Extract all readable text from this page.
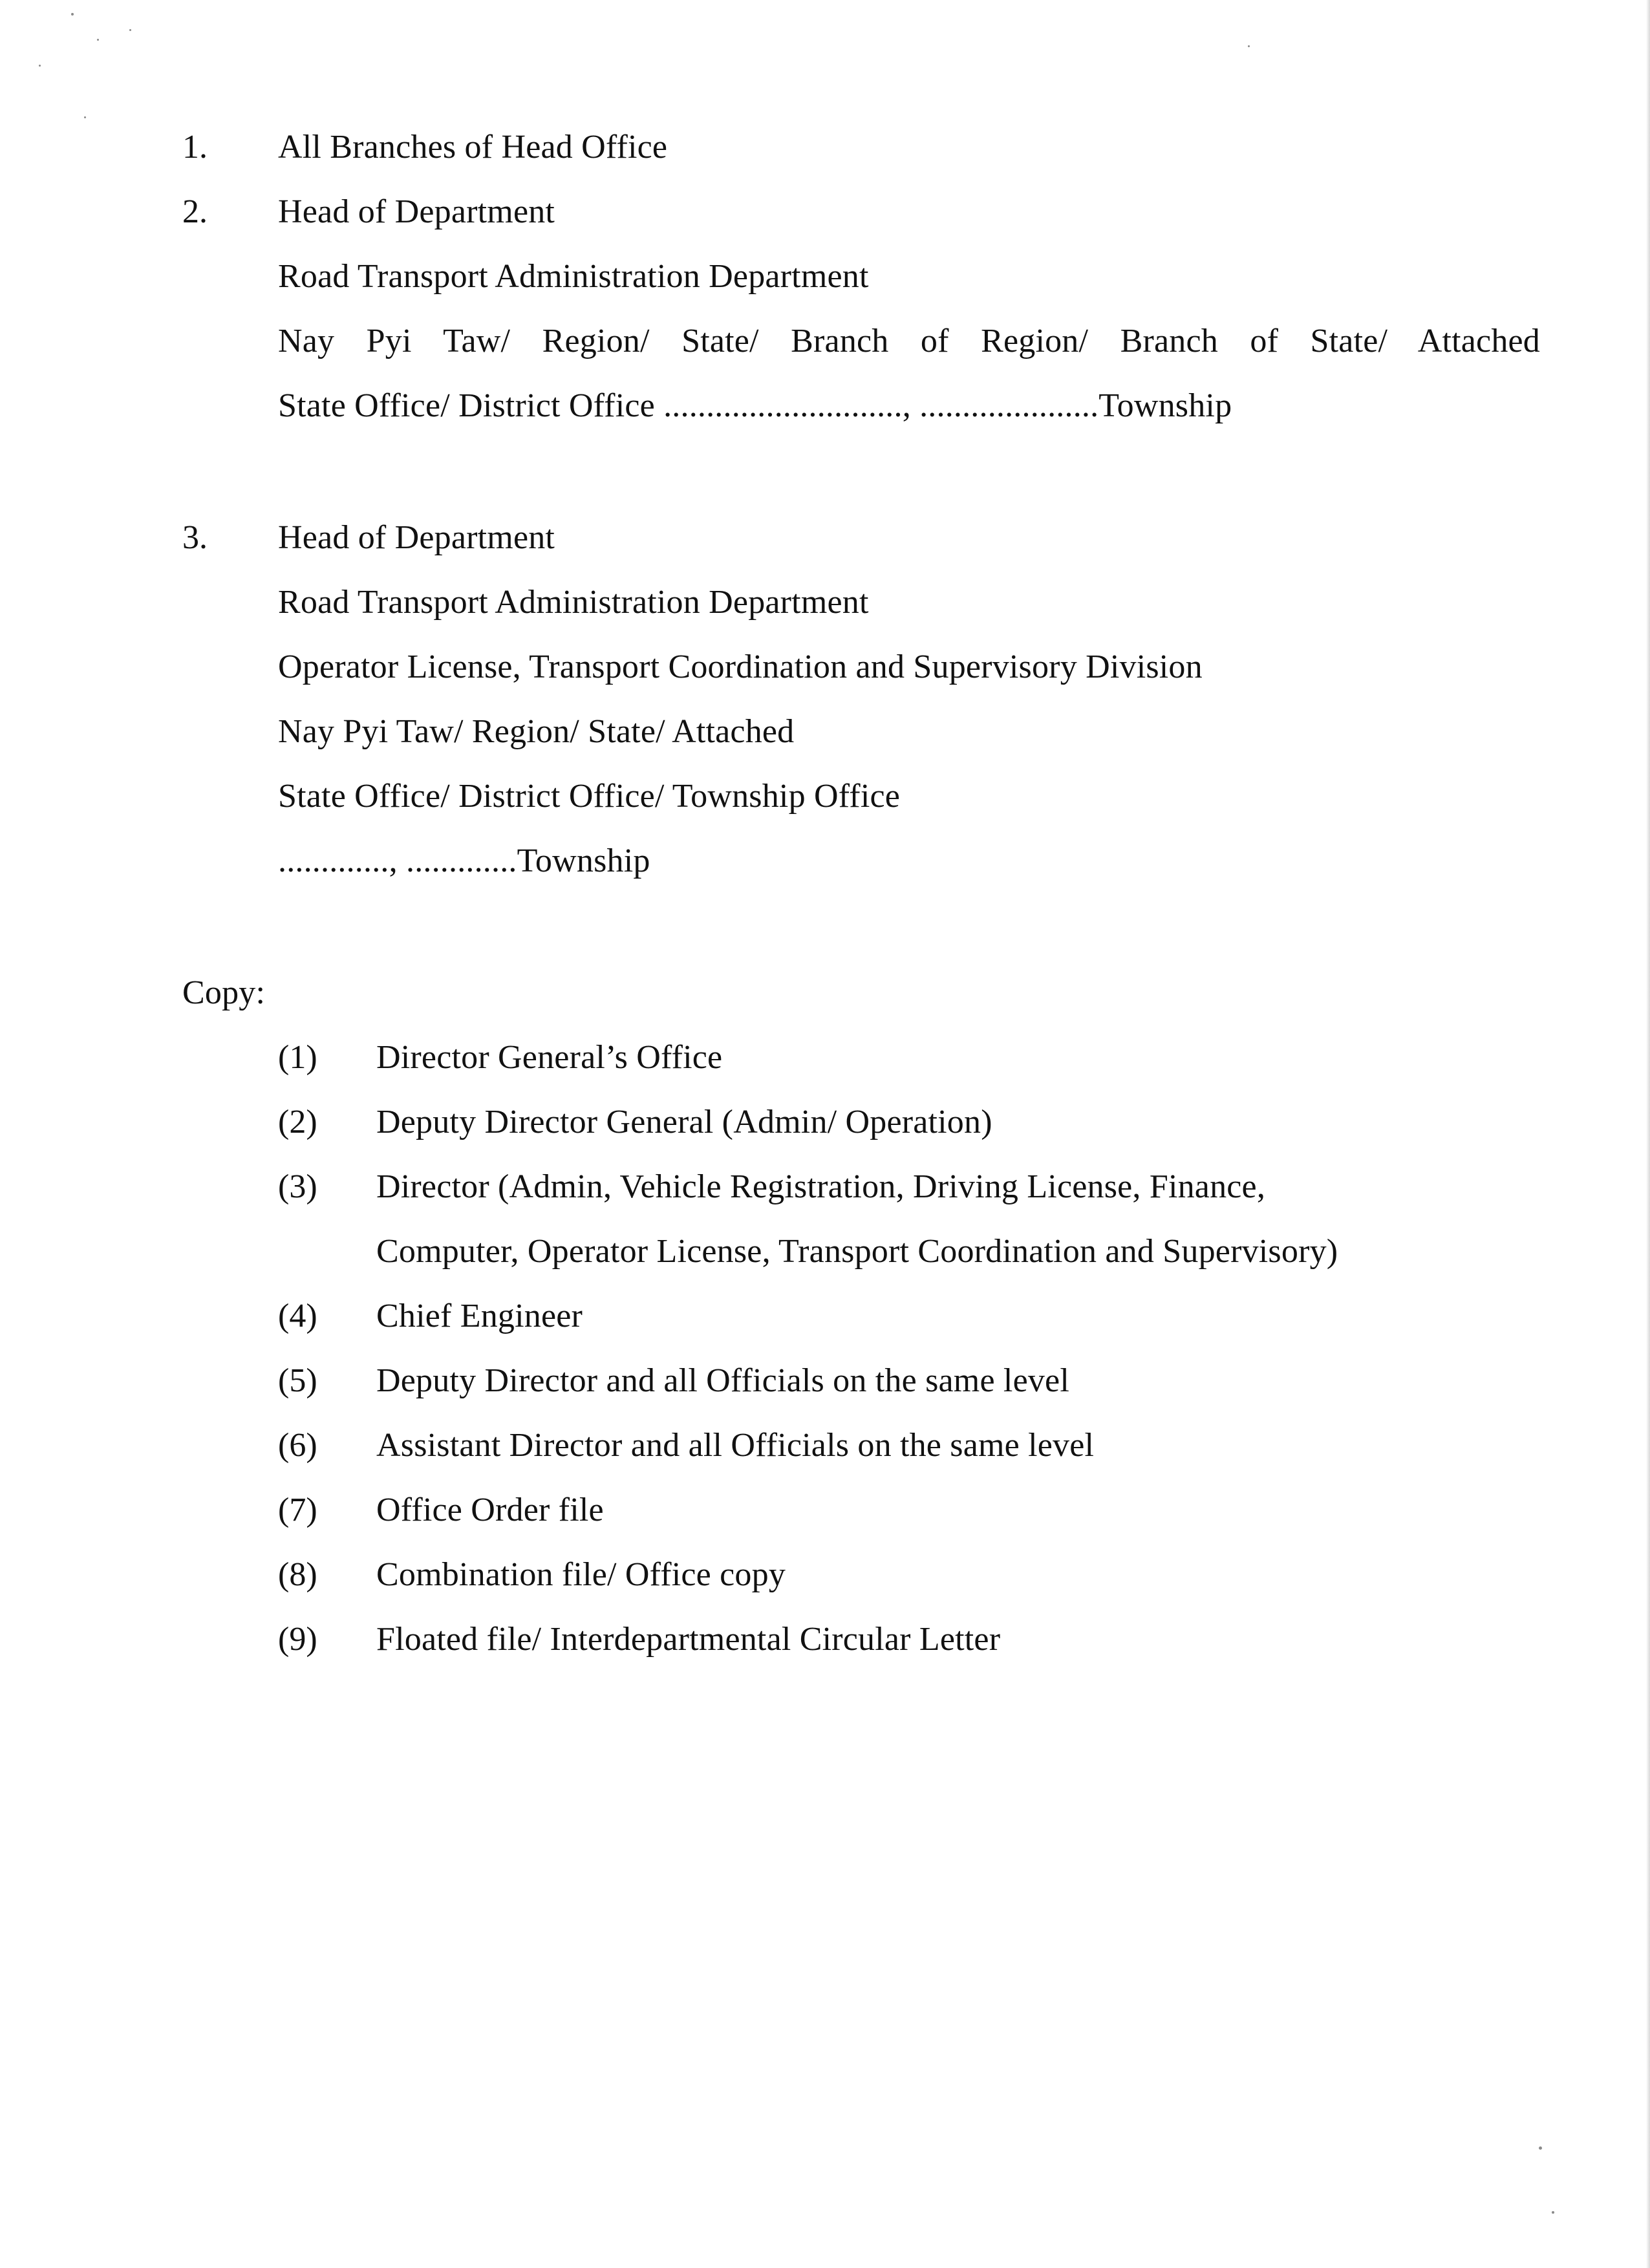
1. All Branches of Head Office
2. Head of Department
Road Transport Administration Department
Nay Pyi Taw/ Region/ State/ Branch of Region/ Branch of State/ Attached
State Office/ District Office ............................, .....................Township
3. Head of Department
Road Transport Administration Department
Operator License, Transport Coordination and Supervisory Division
Nay Pyi Taw/ Region/ State/ Attached
State Office/ District Office/ Township Office
............., .............Township
Copy:
(1) Director General’s Office
(2) Deputy Director General (Admin/ Operation)
(3) Director (Admin, Vehicle Registration, Driving License, Finance,
Computer, Operator License, Transport Coordination and Supervisory)
(4) Chief Engineer
(5) Deputy Director and all Officials on the same level
(6) Assistant Director and all Officials on the same level
(7) Office Order file
(8) Combination file/ Office copy
(9) Floated file/ Interdepartmental Circular Letter
